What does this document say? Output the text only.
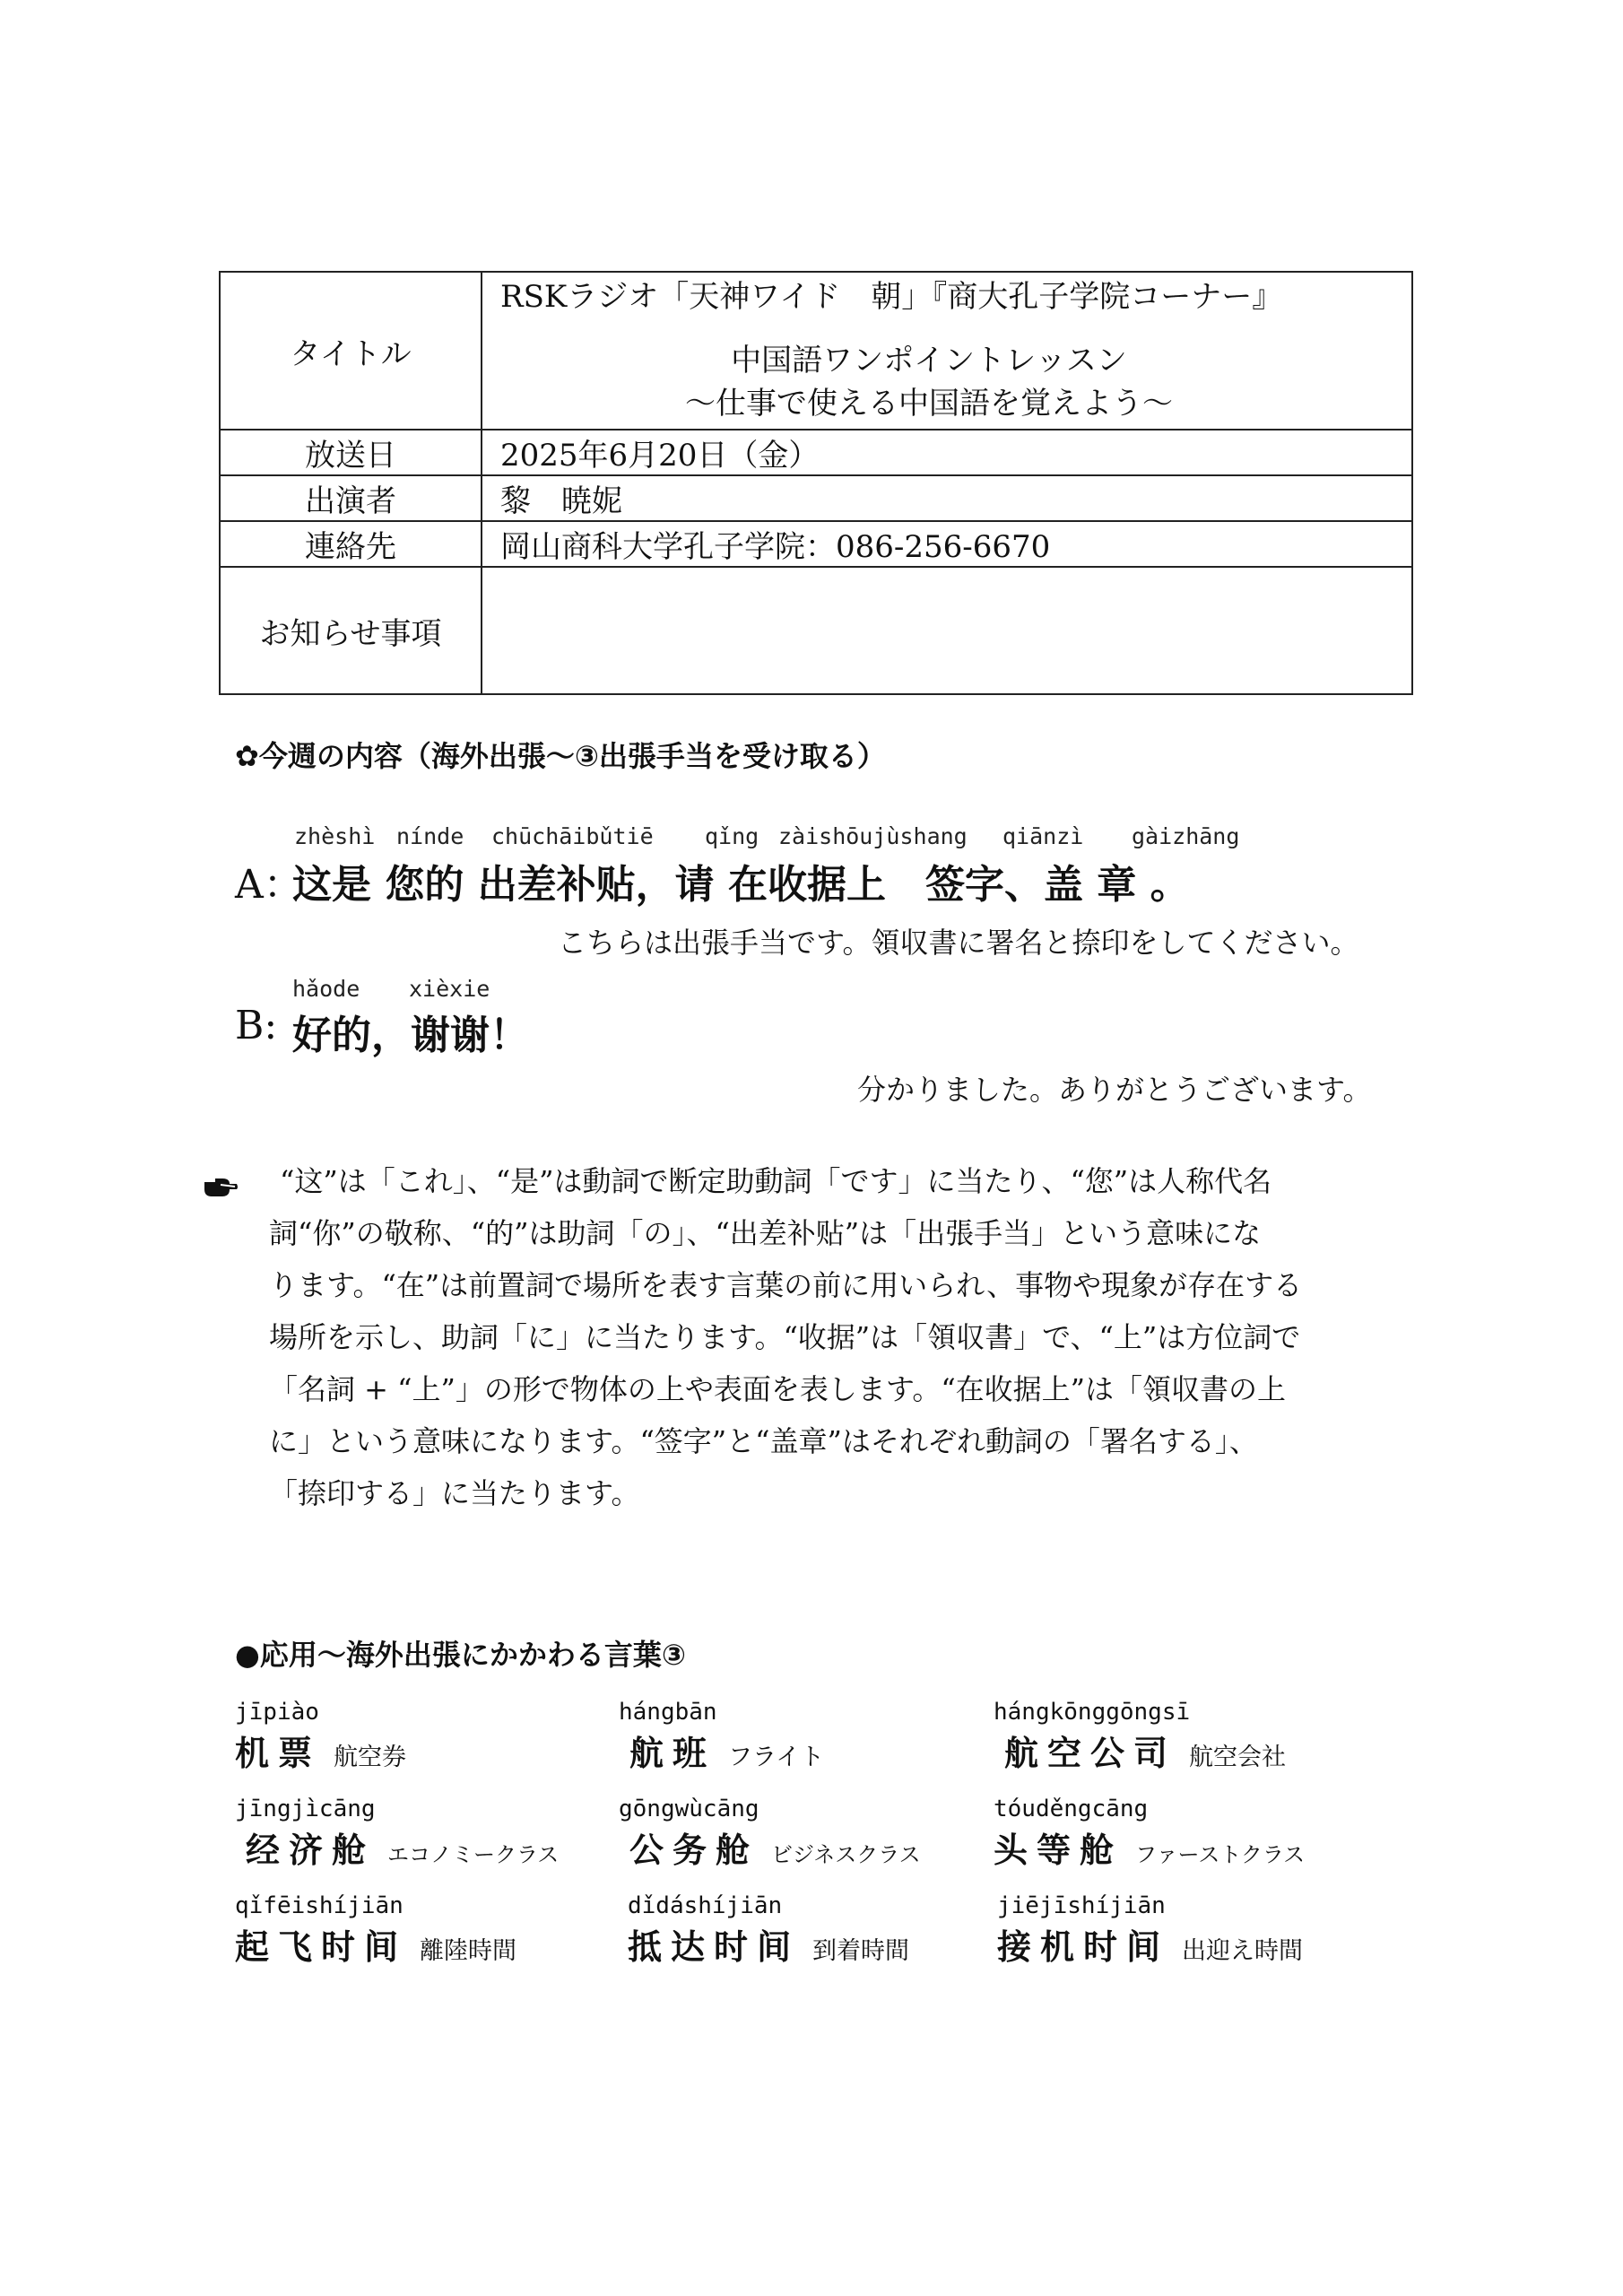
タイトル	RSKラジオ「天神ワイド　朝」『商大孔子学院コーナー』
中国語ワンポイントレッスン
～仕事で使える中国語を覚えよう～

放送日	2025年6月20日（金）
出演者	黎　暁妮
連絡先	岡山商科大学孔子学院：086-256-6670
お知らせ事項	
✿今週の内容（海外出張～③出張手当を受け取る）
zhèshì nínde chūchāibǔtiē qǐng zàishōujùshang qiānzì gàizhāng
A：
这是 您的 出差补贴，请 在收据上　签字、盖 章 。
こちらは出張手当です。領収書に署名と捺印をしてください。
hǎode xièxie
B: 好的，谢谢！
分かりました。ありがとうございます。
“这”は「これ」、“是”は動詞で断定助動詞「です」に当たり、“您”は人称代名
詞“你”の敬称、“的”は助詞「の」、“出差补贴”は「出張手当」という意味にな
ります。“在”は前置詞で場所を表す言葉の前に用いられ、事物や現象が存在する
場所を示し、助詞「に」に当たります。“收据”は「領収書」で、“上”は方位詞で
「名詞 + “上”」の形で物体の上や表面を表します。“在收据上”は「領収書の上
に」という意味になります。“签字”と“盖章”はそれぞれ動詞の「署名する」、
「捺印する」に当たります。
●応用～海外出張にかかわる言葉③
jīpiào
机票 航空券
hángbān
航班 フライト
hángkōnggōngsī
航空公司 航空会社
jīngjìcāng
经济舱 エコノミークラス
gōngwùcāng
公务舱 ビジネスクラス
tóuděngcāng
头等舱 ファーストクラス
qǐfēishíjiān
起飞时间 離陸時間
dǐdáshíjiān
抵达时间 到着時間
jiējīshíjiān
接机时间 出迎え時間
